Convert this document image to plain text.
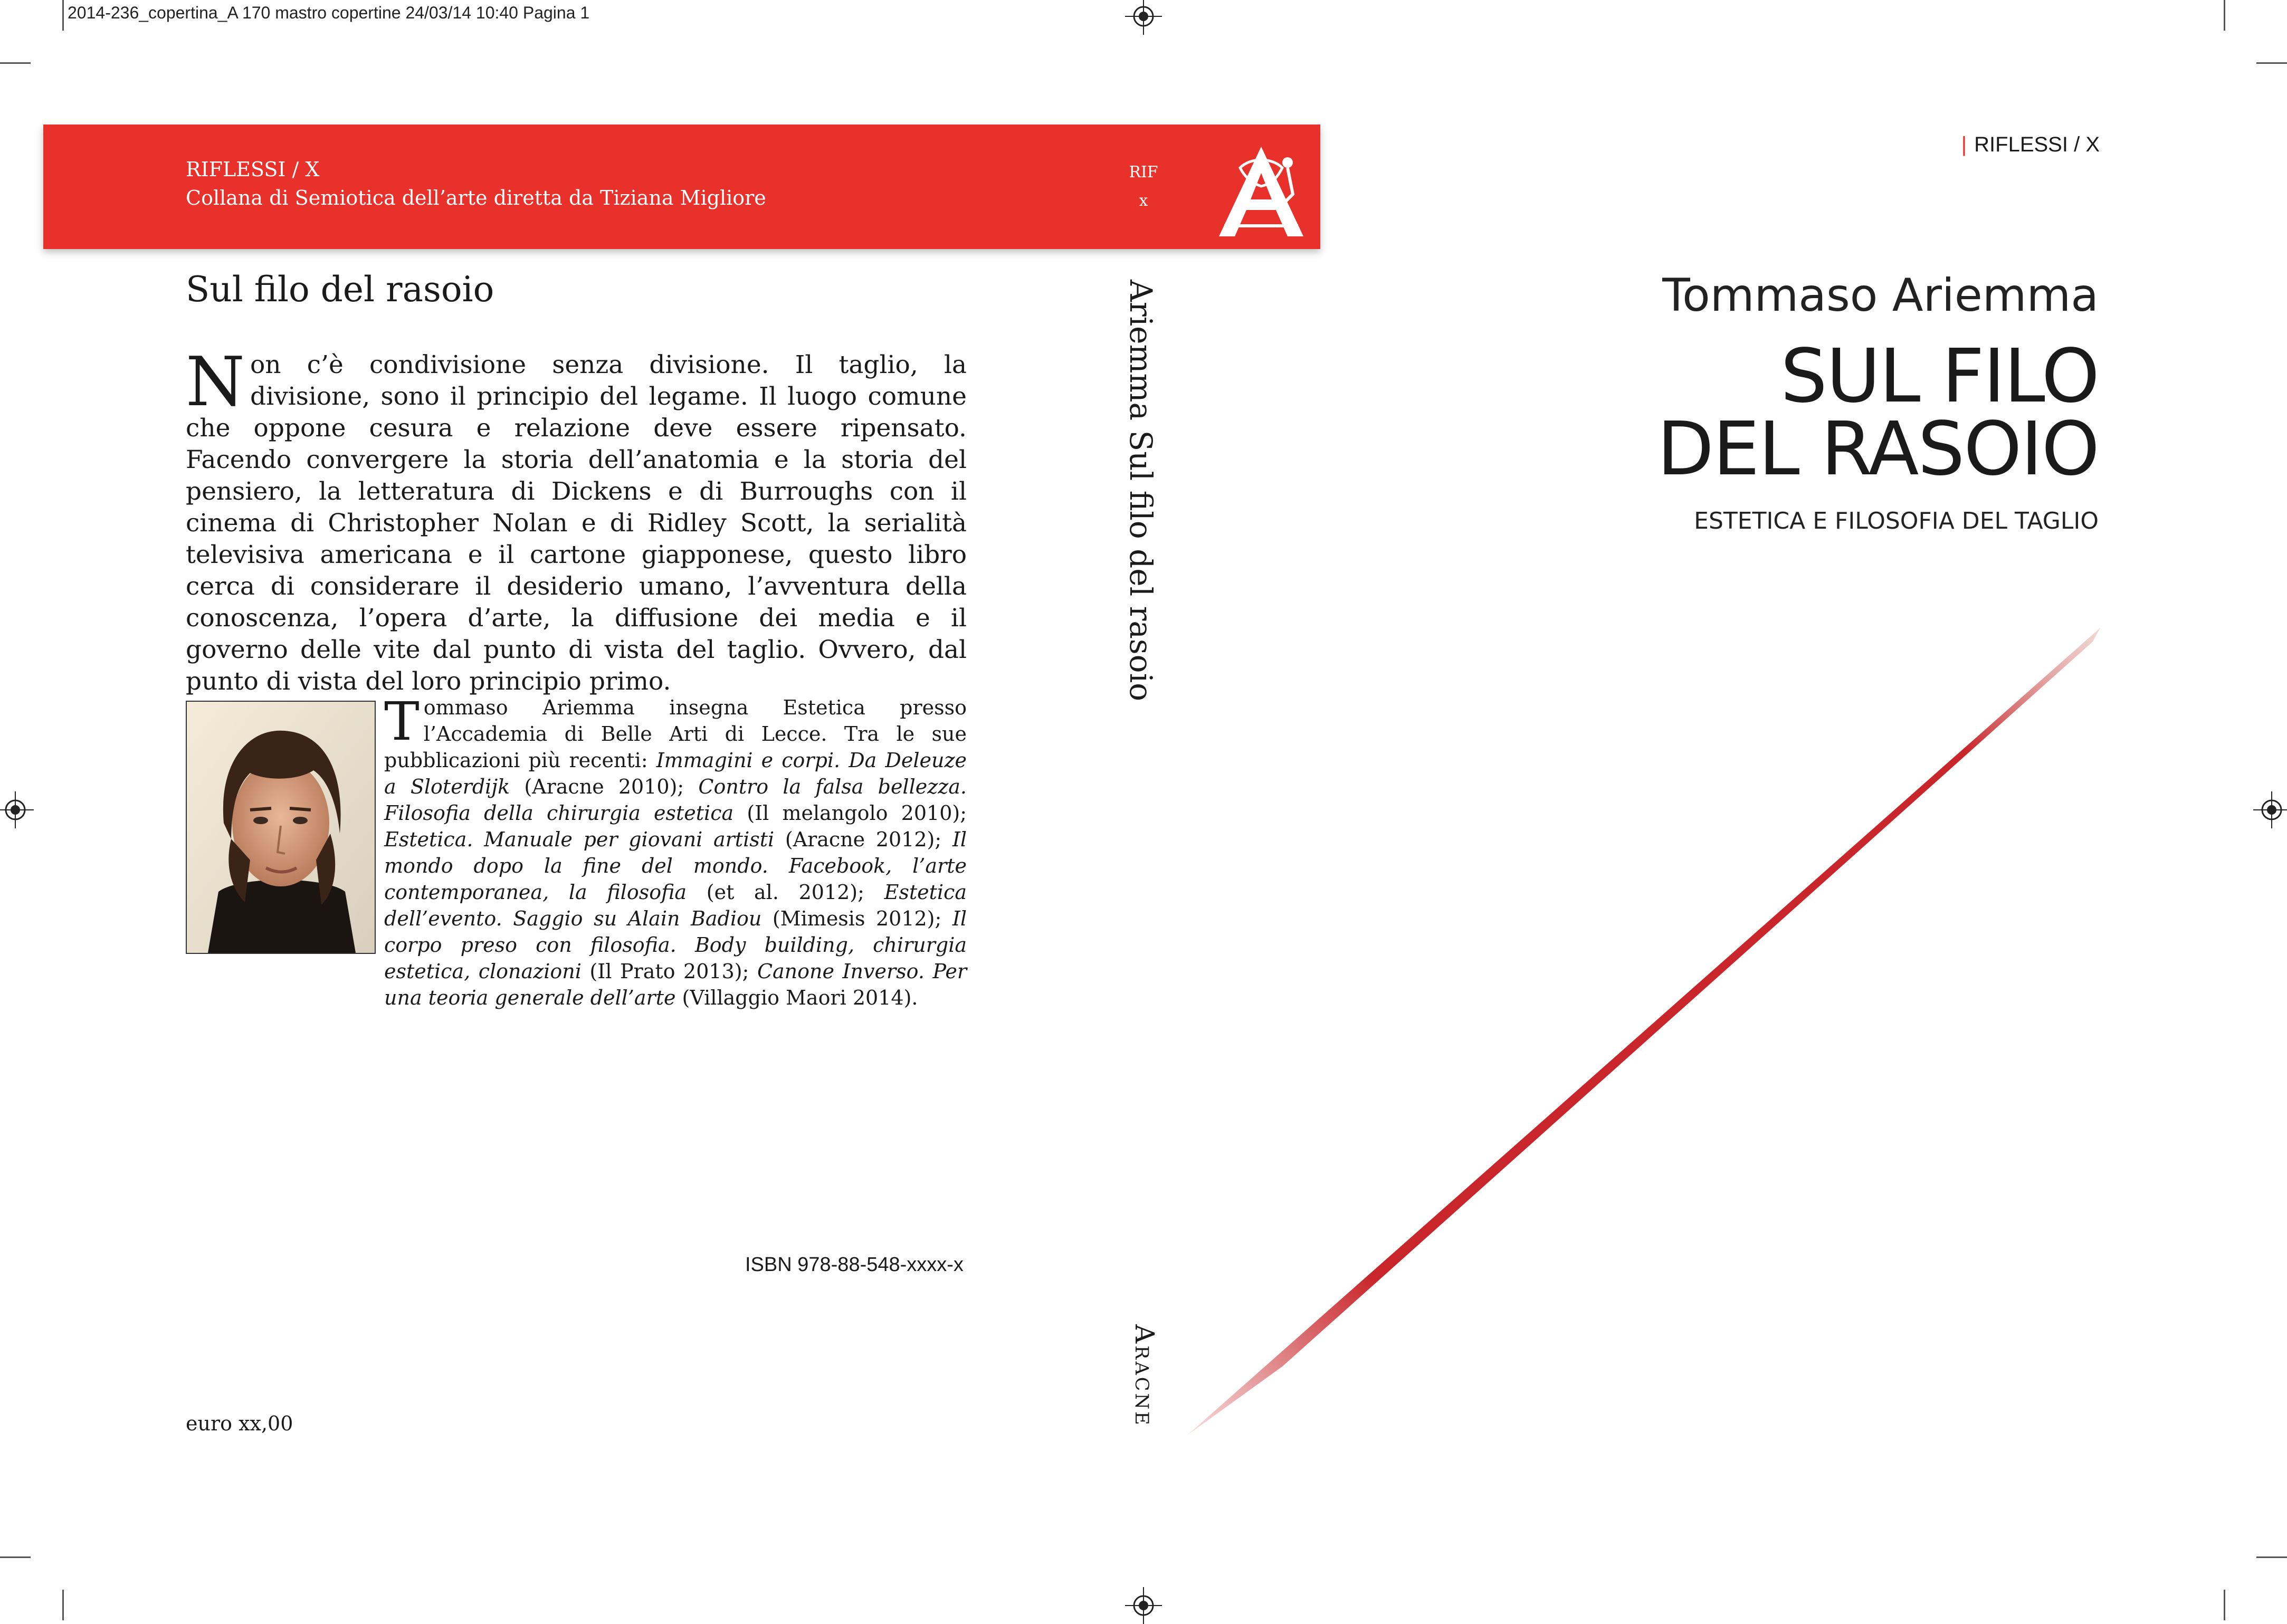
2014-236_copertina_A 170 mastro copertine 24/03/14 10:40 Pagina 1
RIFLESSI / X
Collana di Semiotica dell’arte diretta da Tiziana Migliore
RIF
x
Sul filo del rasoio
Non c’è condivisione senza divisione. Il taglio, la divisione, sono il principio del legame. Il luogo comune che oppone cesura e relazione deve essere ripensato. Facendo convergere la storia dell’anatomia e la storia del pensiero, la letteratura di Dickens e di Burroughs con il cinema di Christopher Nolan e di Ridley Scott, la serialità televisiva americana e il cartone giapponese, questo libro cerca di considerare il desiderio umano, l’avventura della conoscenza, l’opera d’arte, la diffusione dei media e il governo delle vite dal punto di vista del taglio. Ovvero, dal punto di vista del loro principio primo.
Tommaso Ariemma insegna Estetica presso l’Accademia di Belle Arti di Lecce. Tra le sue pubblicazioni più recenti: Immagini e corpi. Da Deleuze a Sloterdijk (Aracne 2010); Contro la falsa bellezza. Filosofia della chirurgia estetica (Il melangolo 2010); Estetica. Manuale per giovani artisti (Aracne 2012); Il mondo dopo la fine del mondo. Facebook, l’arte contemporanea, la filosofia (et al. 2012); Estetica dell’evento. Saggio su Alain Badiou (Mimesis 2012); Il corpo preso con filosofia. Body building, chirurgia estetica, clonazioni (Il Prato 2013); Canone Inverso. Per una teoria generale dell’arte (Villaggio Maori 2014).
ISBN 978-88-548-xxxx-x
euro xx,00
Ariemma Sul filo del rasoio
Aracne
| RIFLESSI / X
Tommaso Ariemma
SUL FILO
DEL RASOIO
ESTETICA E FILOSOFIA DEL TAGLIO
